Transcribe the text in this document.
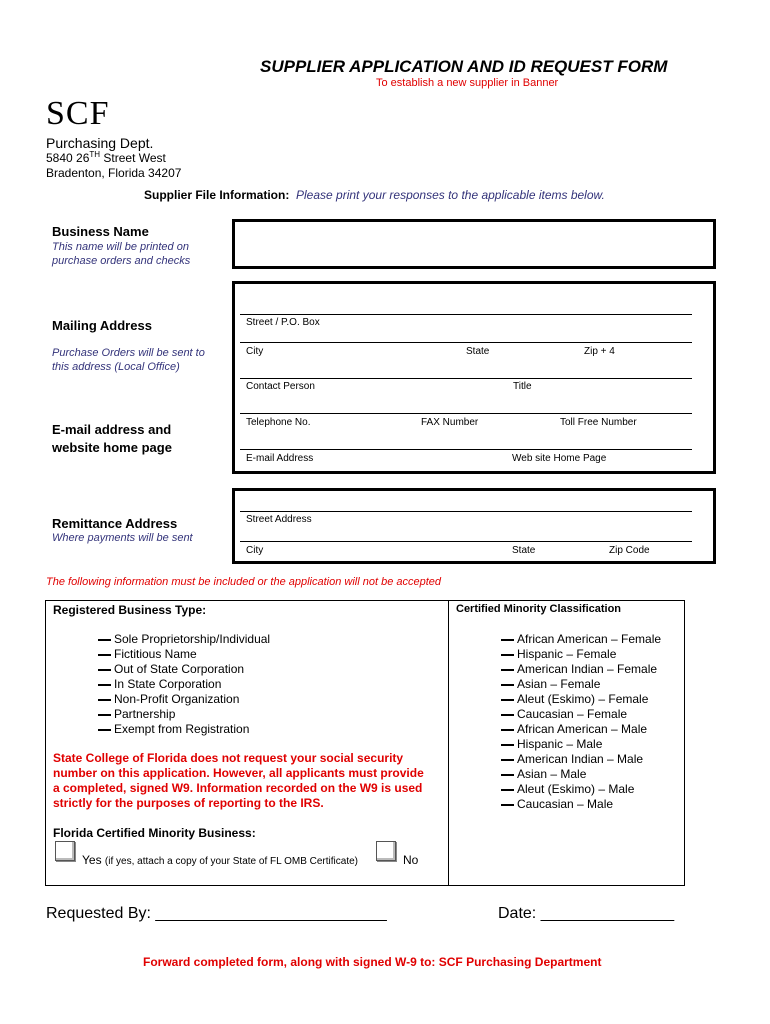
SUPPLIER APPLICATION AND ID REQUEST FORM
To establish a new supplier in Banner
SCF
Purchasing Dept.
5840 26TH Street West
Bradenton, Florida 34207
Supplier File Information: Please print your responses to the applicable items below.
Business Name
This name will be printed on
purchase orders and checks
Mailing Address
Purchase Orders will be sent to
this address (Local Office)
E-mail address and
website home page
Street / P.O. Box
City	State	Zip + 4
Contact Person	Title
Telephone No.	FAX Number	Toll Free Number
E-mail Address	Web site Home Page
Remittance Address
Where payments will be sent
Street Address
City	State	Zip Code
The following information must be included or the application will not be accepted
Registered Business Type:
Sole Proprietorship/Individual
Fictitious Name
Out of State Corporation
In State Corporation
Non-Profit Organization
Partnership
Exempt from Registration
State College of Florida does not request your social security
number on this application. However, all applicants must provide
a completed, signed W9. Information recorded on the W9 is used
strictly for the purposes of reporting to the IRS.
Florida Certified Minority Business:
Yes (if yes, attach a copy of your State of FL OMB Certificate)	No
Certified Minority Classification
African American – Female
Hispanic – Female
American Indian – Female
Asian – Female
Aleut (Eskimo) – Female
Caucasian – Female
African American – Male
Hispanic – Male
American Indian – Male
Asian – Male
Aleut (Eskimo) – Male
Caucasian – Male
Requested By: __________________________	Date: _______________
Forward completed form, along with signed W-9 to: SCF Purchasing Department
